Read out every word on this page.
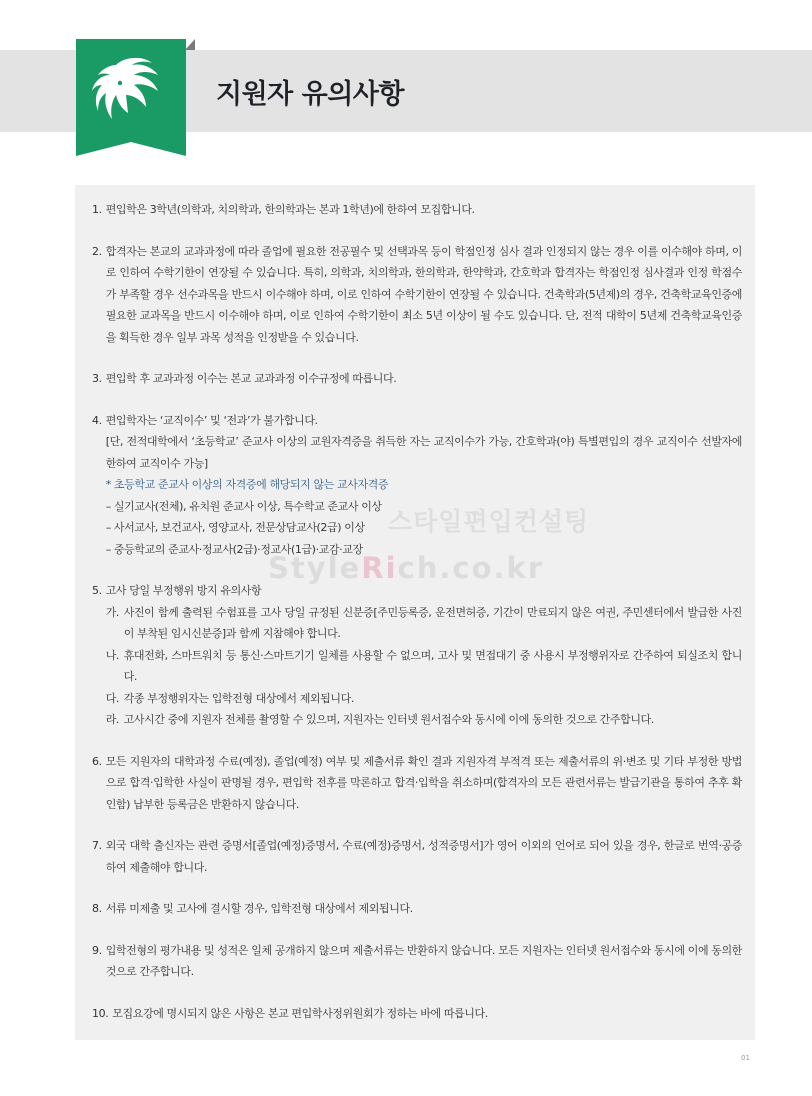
지원자 유의사항
스타일편입컨설팅
StyleRich.co.kr
1. 편입학은 3학년(의학과, 치의학과, 한의학과는 본과 1학년)에 한하여 모집합니다.
2. 합격자는 본교의 교과과정에 따라 졸업에 필요한 전공필수 및 선택과목 등이 학점인정 심사 결과 인정되지 않는 경우 이를 이수해야 하며, 이로 인하여 수학기한이 연장될 수 있습니다. 특히, 의학과, 치의학과, 한의학과, 한약학과, 간호학과 합격자는 학점인정 심사결과 인정 학점수가 부족할 경우 선수과목을 반드시 이수해야 하며, 이로 인하여 수학기한이 연장될 수 있습니다. 건축학과(5년제)의 경우, 건축학교육인증에 필요한 교과목을 반드시 이수해야 하며, 이로 인하여 수학기한이 최소 5년 이상이 될 수도 있습니다. 단, 전적 대학이 5년제 건축학교육인증을 획득한 경우 일부 과목 성적을 인정받을 수 있습니다.
3. 편입학 후 교과과정 이수는 본교 교과과정 이수규정에 따릅니다.
4. 편입학자는 ‘교직이수’ 및 ‘전과’가 불가합니다.
[단, 전적대학에서 ‘초등학교’ 준교사 이상의 교원자격증을 취득한 자는 교직이수가 가능, 간호학과(야) 특별편입의 경우 교직이수 선발자에 한하여 교직이수 가능]
* 초등학교 준교사 이상의 자격증에 해당되지 않는 교사자격증
– 실기교사(전체), 유치원 준교사 이상, 특수학교 준교사 이상
– 사서교사, 보건교사, 영양교사, 전문상담교사(2급) 이상
– 중등학교의 준교사·정교사(2급)·정교사(1급)·교감·교장
5. 고사 당일 부정행위 방지 유의사항
가. 사진이 함께 출력된 수험표를 고사 당일 규정된 신분증[주민등록증, 운전면허증, 기간이 만료되지 않은 여권, 주민센터에서 발급한 사진이 부착된 임시신분증]과 함께 지참해야 합니다.
나. 휴대전화, 스마트워치 등 통신·스마트기기 일체를 사용할 수 없으며, 고사 및 면접대기 중 사용시 부정행위자로 간주하여 퇴실조치 합니다.
다. 각종 부정행위자는 입학전형 대상에서 제외됩니다.
라. 고사시간 중에 지원자 전체를 촬영할 수 있으며, 지원자는 인터넷 원서접수와 동시에 이에 동의한 것으로 간주합니다.
6. 모든 지원자의 대학과정 수료(예정), 졸업(예정) 여부 및 제출서류 확인 결과 지원자격 부적격 또는 제출서류의 위·변조 및 기타 부정한 방법으로 합격·입학한 사실이 판명될 경우, 편입학 전후를 막론하고 합격·입학을 취소하며(합격자의 모든 관련서류는 발급기관을 통하여 추후 확인함) 납부한 등록금은 반환하지 않습니다.
7. 외국 대학 출신자는 관련 증명서[졸업(예정)증명서, 수료(예정)증명서, 성적증명서]가 영어 이외의 언어로 되어 있을 경우, 한글로 번역·공증하여 제출해야 합니다.
8. 서류 미제출 및 고사에 결시할 경우, 입학전형 대상에서 제외됩니다.
9. 입학전형의 평가내용 및 성적은 일체 공개하지 않으며 제출서류는 반환하지 않습니다. 모든 지원자는 인터넷 원서접수와 동시에 이에 동의한 것으로 간주합니다.
10. 모집요강에 명시되지 않은 사항은 본교 편입학사정위원회가 정하는 바에 따릅니다.
01
